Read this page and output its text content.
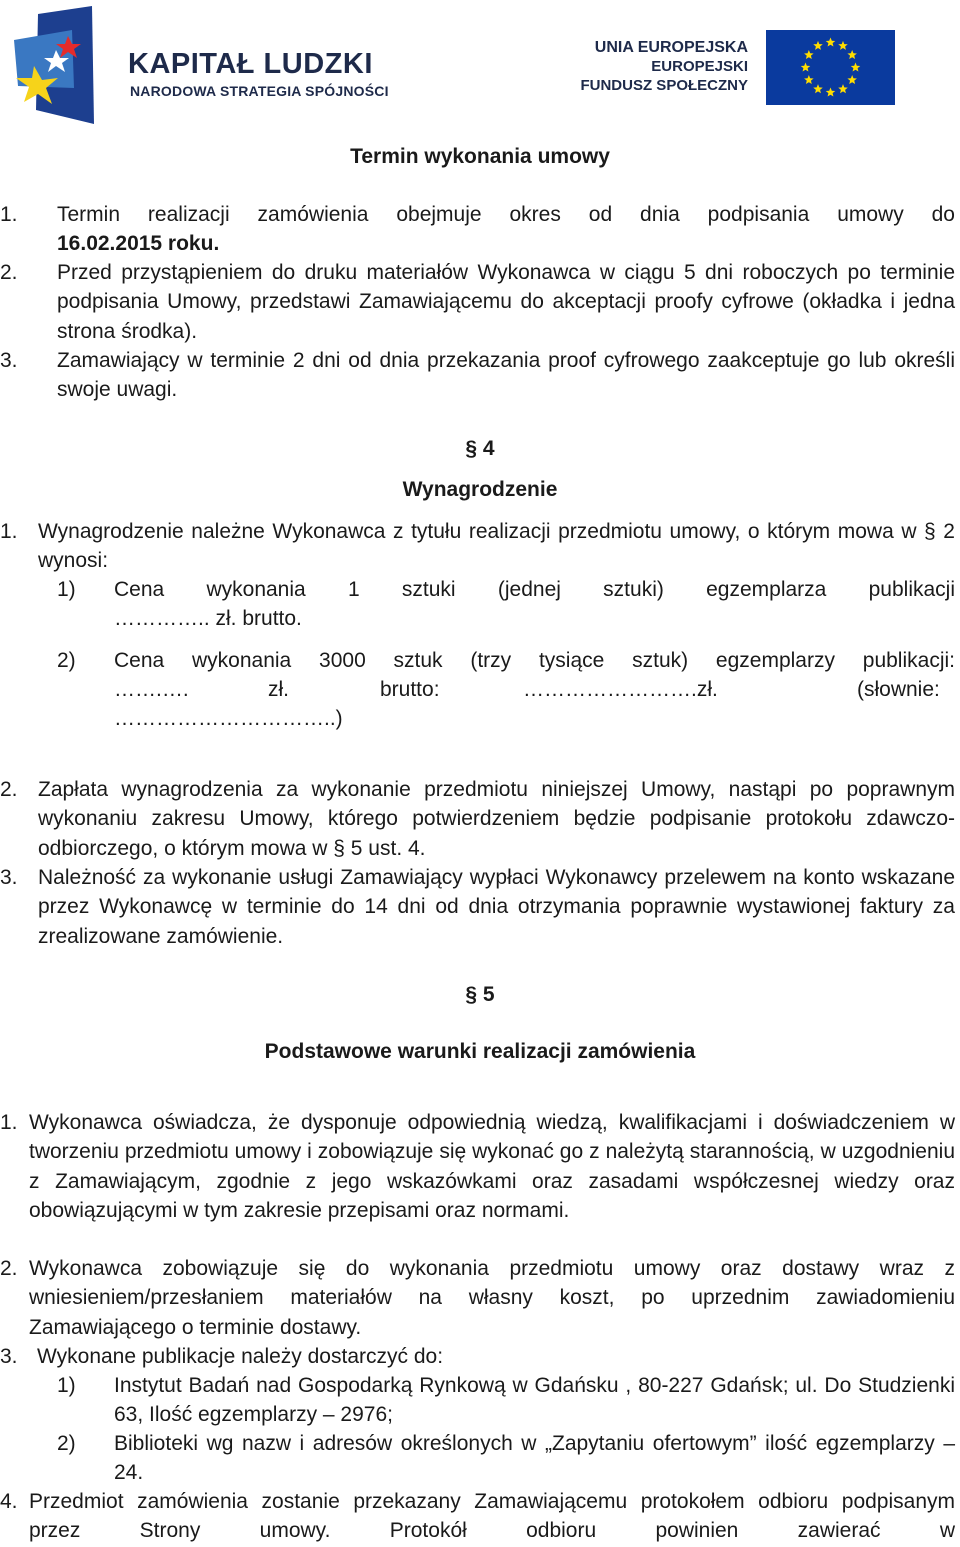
KAPITAŁ LUDZKI
NARODOWA STRATEGIA SPÓJNOŚCI
UNIA EUROPEJSKA
EUROPEJSKI
FUNDUSZ SPOŁECZNY
Termin wykonania umowy
1. Termin realizacji zamówienia obejmuje okres od dnia podpisania umowy do
16.02.2015 roku.
2. Przed przystąpieniem do druku materiałów Wykonawca w ciągu 5 dni roboczych po terminie podpisania Umowy, przedstawi Zamawiającemu do akceptacji proofy cyfrowe (okładka i jedna strona środka).
3. Zamawiający w terminie 2 dni od dnia przekazania proof cyfrowego zaakceptuje go lub określi swoje uwagi.
§ 4
Wynagrodzenie
1. Wynagrodzenie należne Wykonawca z tytułu realizacji przedmiotu umowy, o którym mowa w § 2 wynosi:
1) Cena wykonania 1 sztuki (jednej sztuki) egzemplarza publikacji
………….. zł. brutto.
2) Cena wykonania 3000 sztuk (trzy tysiące sztuk) egzemplarzy publikacji:
…….….	zł.	brutto:	…………………….zł.	(słownie:
…………………………..)
2. Zapłata wynagrodzenia za wykonanie przedmiotu niniejszej Umowy, nastąpi po poprawnym wykonaniu zakresu Umowy, którego potwierdzeniem będzie podpisanie protokołu zdawczo-odbiorczego, o którym mowa w § 5 ust. 4.
3. Należność za wykonanie usługi Zamawiający wypłaci Wykonawcy przelewem na konto wskazane przez Wykonawcę w terminie do 14 dni od dnia otrzymania poprawnie wystawionej faktury za zrealizowane zamówienie.
§ 5
Podstawowe warunki realizacji zamówienia
1. Wykonawca oświadcza, że dysponuje odpowiednią wiedzą, kwalifikacjami i doświadczeniem w tworzeniu przedmiotu umowy i zobowiązuje się wykonać go z należytą starannością, w uzgodnieniu z Zamawiającym, zgodnie z jego wskazówkami oraz zasadami współczesnej wiedzy oraz obowiązującymi w tym zakresie przepisami oraz normami.
2. Wykonawca zobowiązuje się do wykonania przedmiotu umowy oraz dostawy wraz z wniesieniem/przesłaniem materiałów na własny koszt, po uprzednim zawiadomieniu Zamawiającego o terminie dostawy.
3. Wykonane publikacje należy dostarczyć do:
1) Instytut Badań nad Gospodarką Rynkową w Gdańsku , 80-227 Gdańsk; ul. Do Studzienki 63, Ilość egzemplarzy – 2976;
2) Biblioteki wg nazw i adresów określonych w „Zapytaniu ofertowym” ilość egzemplarzy – 24.
4. Przedmiot zamówienia zostanie przekazany Zamawiającemu protokołem odbioru podpisanym przez Strony umowy. Protokół odbioru powinien zawierać w
